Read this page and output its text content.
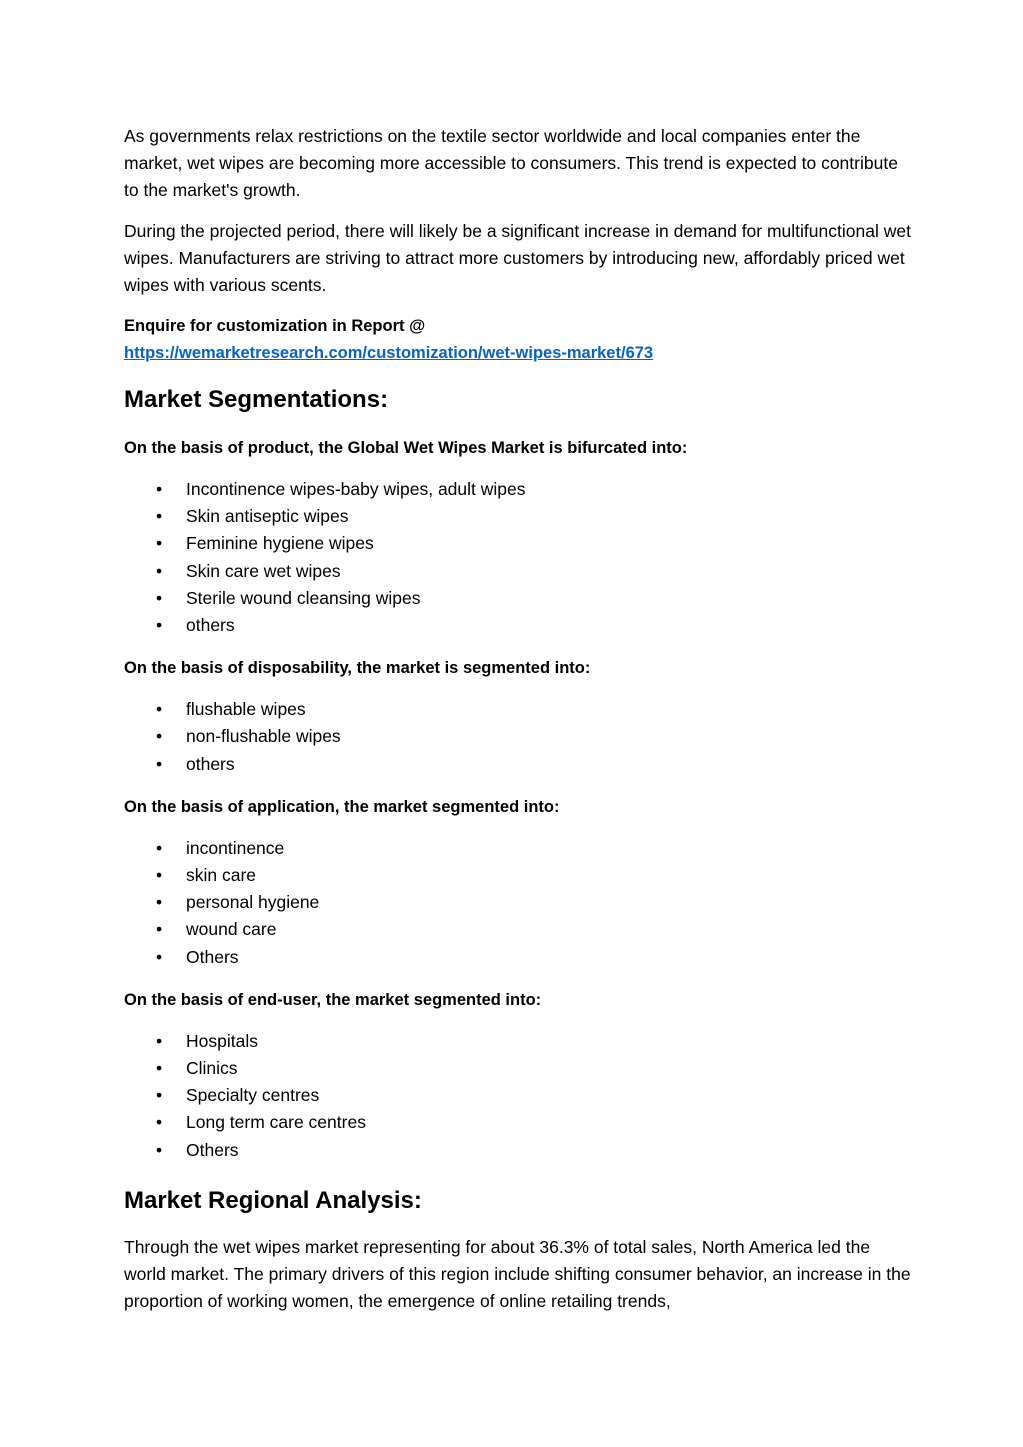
As governments relax restrictions on the textile sector worldwide and local companies enter the market, wet wipes are becoming more accessible to consumers. This trend is expected to contribute to the market's growth.

During the projected period, there will likely be a significant increase in demand for multifunctional wet wipes. Manufacturers are striving to attract more customers by introducing new, affordably priced wet wipes with various scents.

Enquire for customization in Report @
https://wemarketresearch.com/customization/wet-wipes-market/673

Market Segmentations:

On the basis of product, the Global Wet Wipes Market is bifurcated into:

• Incontinence wipes-baby wipes, adult wipes
• Skin antiseptic wipes
• Feminine hygiene wipes
• Skin care wet wipes
• Sterile wound cleansing wipes
• others

On the basis of disposability, the market is segmented into:

• flushable wipes
• non-flushable wipes
• others

On the basis of application, the market segmented into:

• incontinence
• skin care
• personal hygiene
• wound care
• Others

On the basis of end-user, the market segmented into:

• Hospitals
• Clinics
• Specialty centres
• Long term care centres
• Others
Market Regional Analysis:

Through the wet wipes market representing for about 36.3% of total sales, North America led the world market. The primary drivers of this region include shifting consumer behavior, an increase in the proportion of working women, the emergence of online retailing trends,
